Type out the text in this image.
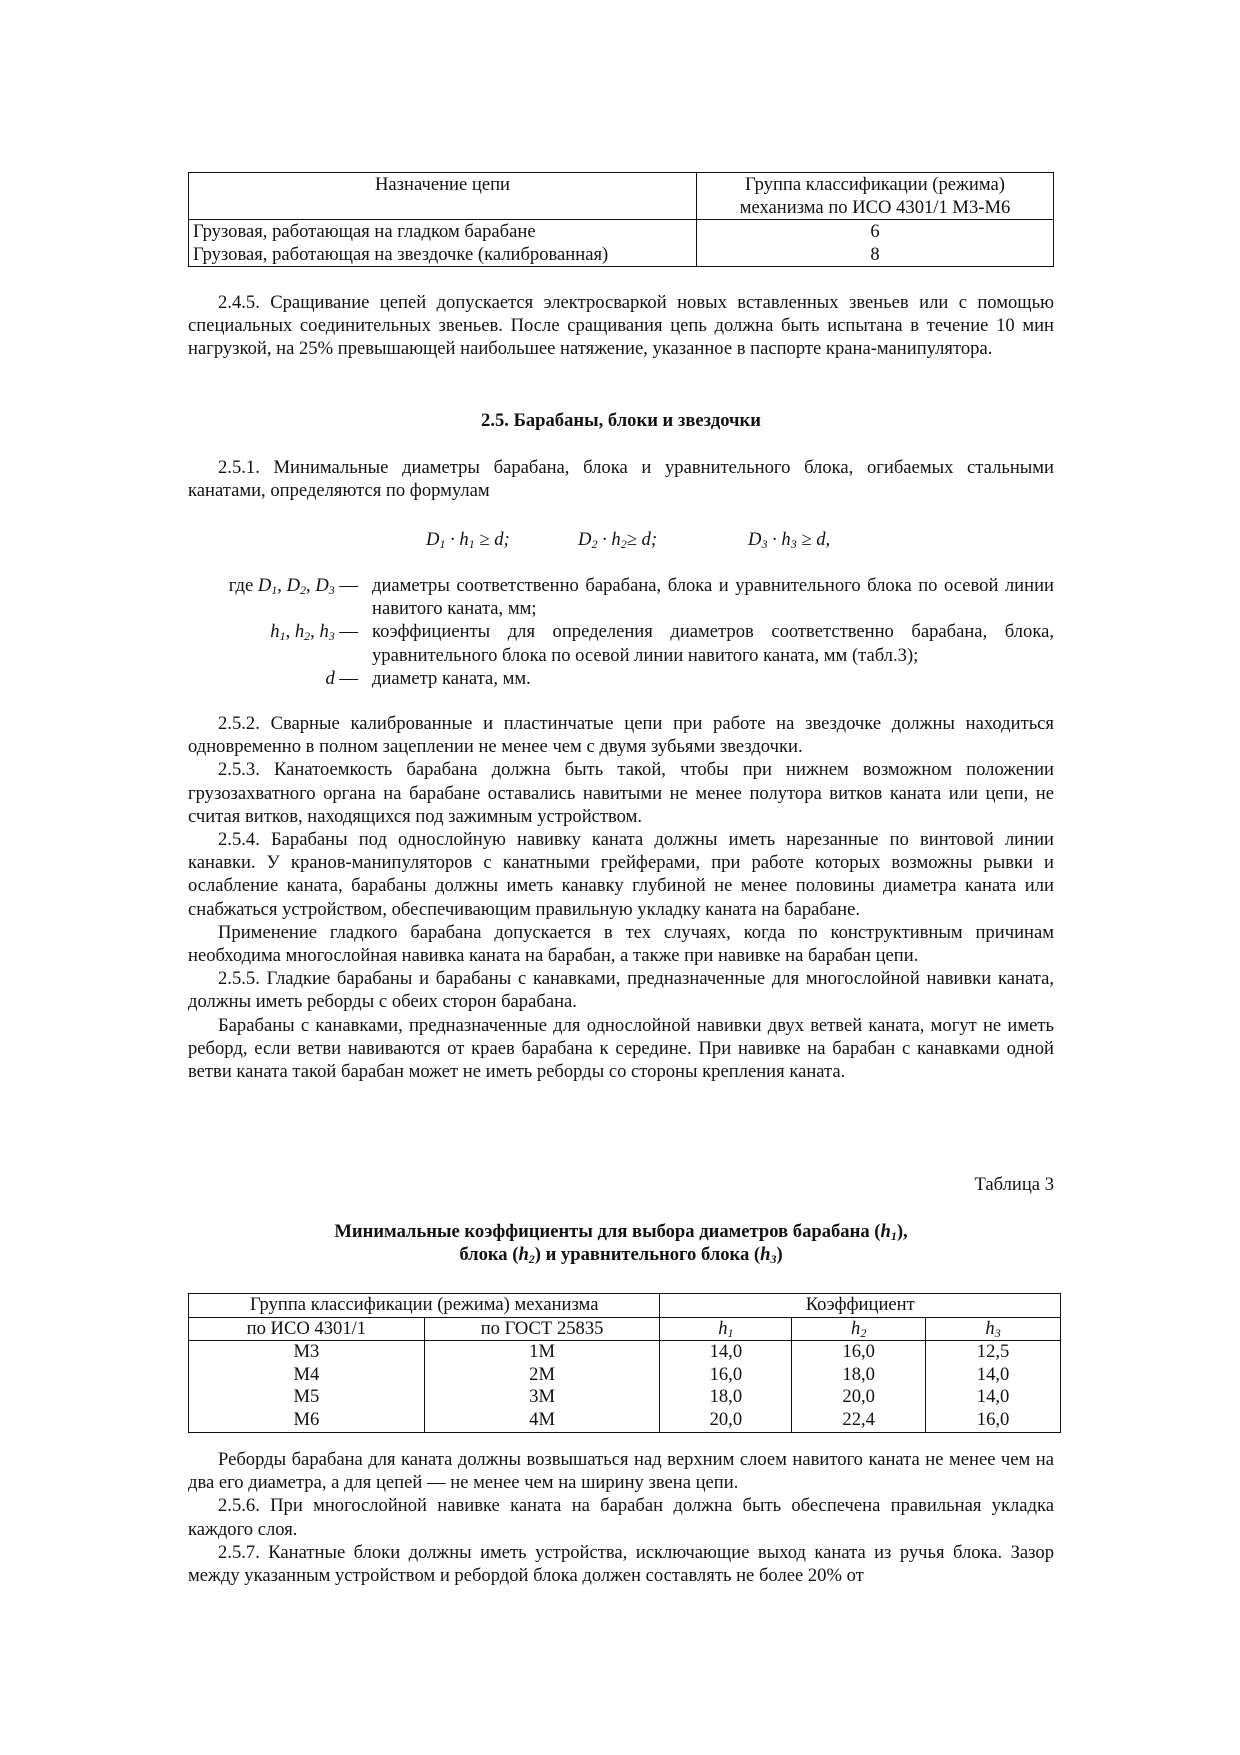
Назначение цепи	Группа классификации (режима)
механизма по ИСО 4301/1 М3-М6
Грузовая, работающая на гладком барабане	6
Грузовая, работающая на звездочке (калиброванная)	8

2.4.5. Сращивание цепей допускается электросваркой новых вставленных звеньев или с помощью специальных соединительных звеньев. После сращивания цепь должна быть испытана в течение 10 мин нагрузкой, на 25% превышающей наибольшее натяжение, указанное в паспорте крана-манипулятора.

2.5. Барабаны, блоки и звездочки

2.5.1. Минимальные диаметры барабана, блока и уравнительного блока, огибаемых стальными канатами, определяются по формулам

$D_1 \cdot h_1 \ge d$;	$D_2 \cdot h_2\ge d$;	$D_3 \cdot h_3 \ge d$,
где $D_1$, $D_2$, $D_3$ — диаметры соответственно барабана, блока и уравнительного блока по осевой линии навитого каната, мм;
$h_1$, $h_2$, $h_3$ — коэффициенты для определения диаметров соответственно барабана, блока, уравнительного блока по осевой линии навитого каната, мм (табл.3);
d — диаметр каната, мм.

2.5.2. Сварные калиброванные и пластинчатые цепи при работе на звездочке должны находиться одновременно в полном зацеплении не менее чем с двумя зубьями звездочки.

2.5.3. Канатоемкость барабана должна быть такой, чтобы при нижнем возможном положении грузозахватного органа на барабане оставались навитыми не менее полутора витков каната или цепи, не считая витков, находящихся под зажимным устройством.

2.5.4. Барабаны под однослойную навивку каната должны иметь нарезанные по винтовой линии канавки. У кранов-манипуляторов с канатными грейферами, при работе которых возможны рывки и ослабление каната, барабаны должны иметь канавку глубиной не менее половины диаметра каната или снабжаться устройством, обеспечивающим правильную укладку каната на барабане.

Применение гладкого барабана допускается в тех случаях, когда по конструктивным причинам необходима многослойная навивка каната на барабан, а также при навивке на барабан цепи.

2.5.5. Гладкие барабаны и барабаны с канавками, предназначенные для многослойной навивки каната, должны иметь реборды с обеих сторон барабана.

Барабаны с канавками, предназначенные для однослойной навивки двух ветвей каната, могут не иметь реборд, если ветви навиваются от краев барабана к середине. При навивке на барабан с канавками одной ветви каната такой барабан может не иметь реборды со стороны крепления каната.

Таблица 3
Минимальные коэффициенты для выбора диаметров барабана $(h_1)$,
блока $(h_2)$ и уравнительного блока $(h_3)$
Группа классификации (режима) механизма		Коэффициент		
по ИСО 4301/1	по ГОСТ 25835	$h_1$	$h_2$	$h_3$
М3	1М	14,0	16,0	12,5
М4	2М	16,0	18,0	14,0
М5	3М	18,0	20,0	14,0
М6	4М	20,0	22,4	16,0

Реборды барабана для каната должны возвышаться над верхним слоем навитого каната не менее чем на два его диаметра, а для цепей — не менее чем на ширину звена цепи.

2.5.6. При многослойной навивке каната на барабан должна быть обеспечена правильная укладка каждого слоя.

2.5.7. Канатные блоки должны иметь устройства, исключающие выход каната из ручья блока. Зазор между указанным устройством и ребордой блока должен составлять не более 20% от
